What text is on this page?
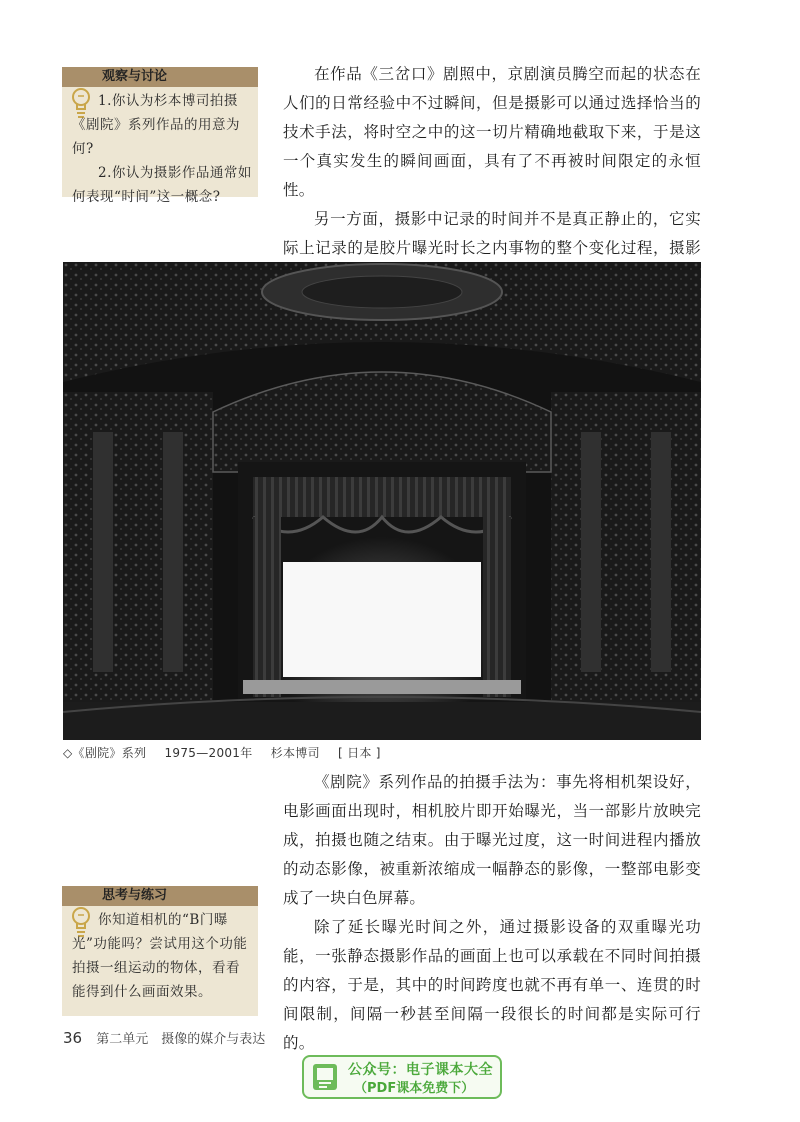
观察与讨论

1.你认为杉本博司拍摄《剧院》系列作品的用意为何?

2.你认为摄影作品通常如何表现“时间”这一概念?

在作品《三岔口》剧照中，京剧演员腾空而起的状态在人们的日常经验中不过瞬间，但是摄影可以通过选择恰当的技术手法，将时空之中的这一切片精确地截取下来，于是这一个真实发生的瞬间画面，具有了不再被时间限定的永恒性。

另一方面，摄影中记录的时间并不是真正静止的，它实际上记录的是胶片曝光时长之内事物的整个变化过程，摄影

◇《剧院》系列 1975—2001年 杉本博司 [ 日本 ]

《剧院》系列作品的拍摄手法为：事先将相机架设好，电影画面出现时，相机胶片即开始曝光，当一部影片放映完成，拍摄也随之结束。由于曝光过度，这一时间进程内播放的动态影像，被重新浓缩成一幅静态的影像，一整部电影变成了一块白色屏幕。

除了延长曝光时间之外，通过摄影设备的双重曝光功能，一张静态摄影作品的画面上也可以承载在不同时间拍摄的内容，于是，其中的时间跨度也就不再有单一、连贯的时间限制，间隔一秒甚至间隔一段很长的时间都是实际可行的。

思考与练习

你知道相机的“B门曝光”功能吗？尝试用这个功能拍摄一组运动的物体，看看能得到什么画面效果。

36 第二单元　摄像的媒介与表达
公众号：电子课本大全
（PDF课本免费下）
